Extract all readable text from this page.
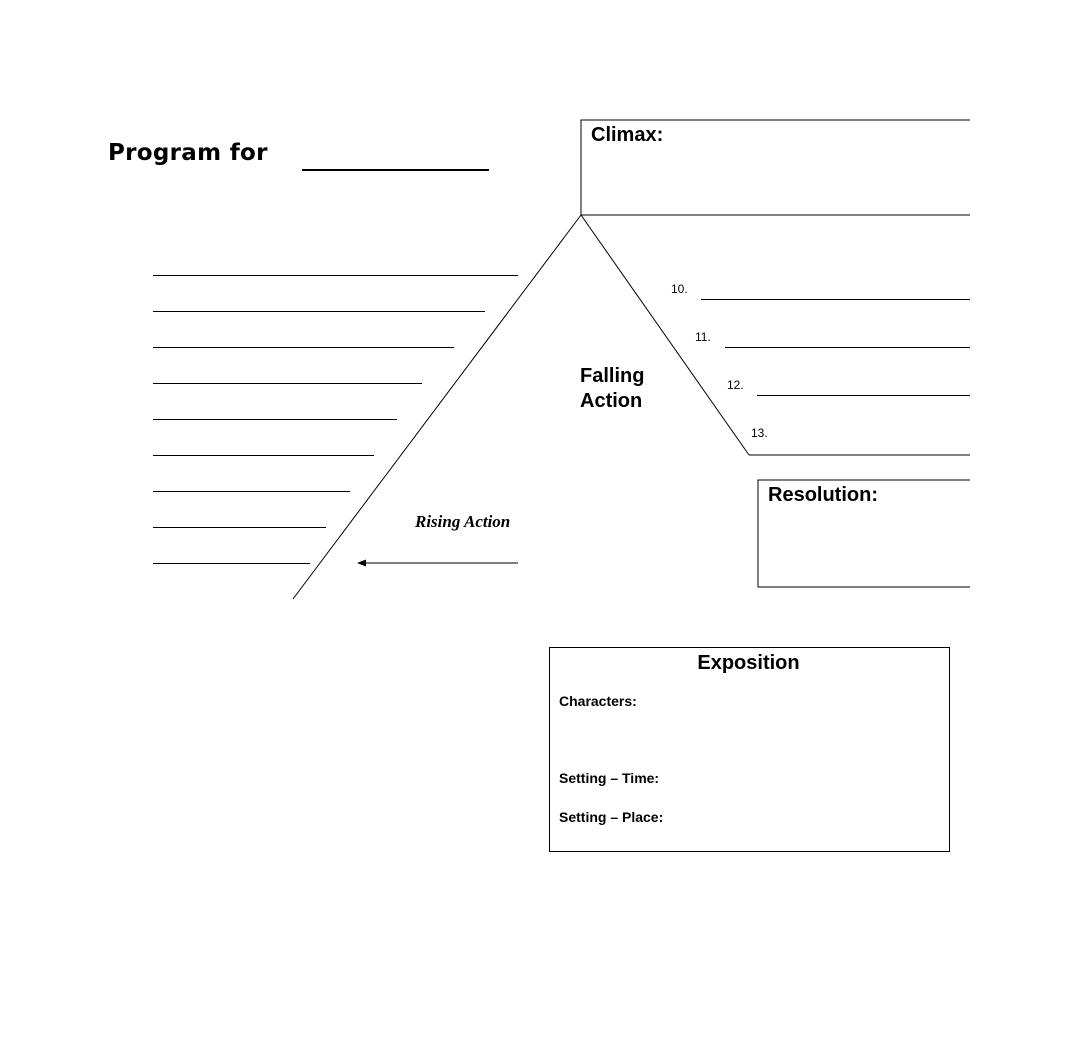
Program for
Climax:
Falling
Action
10.
11.
12.
13.
Rising Action
Resolution:
Exposition
Characters:
Setting – Time:
Setting – Place:
